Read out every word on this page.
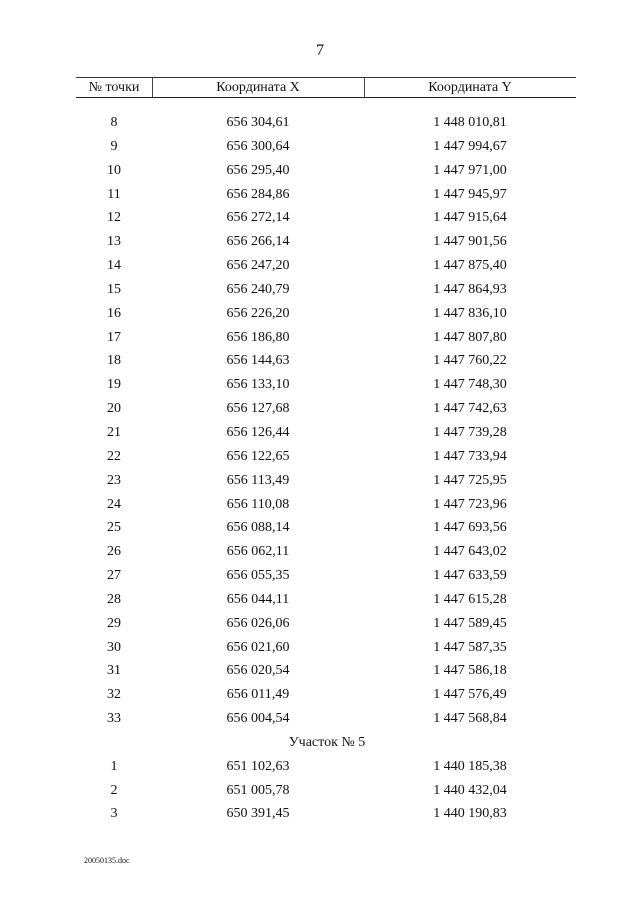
7
№ точки	Координата X	Координата Y
8	656 304,61	1 448 010,81
9	656 300,64	1 447 994,67
10	656 295,40	1 447 971,00
11	656 284,86	1 447 945,97
12	656 272,14	1 447 915,64
13	656 266,14	1 447 901,56
14	656 247,20	1 447 875,40
15	656 240,79	1 447 864,93
16	656 226,20	1 447 836,10
17	656 186,80	1 447 807,80
18	656 144,63	1 447 760,22
19	656 133,10	1 447 748,30
20	656 127,68	1 447 742,63
21	656 126,44	1 447 739,28
22	656 122,65	1 447 733,94
23	656 113,49	1 447 725,95
24	656 110,08	1 447 723,96
25	656 088,14	1 447 693,56
26	656 062,11	1 447 643,02
27	656 055,35	1 447 633,59
28	656 044,11	1 447 615,28
29	656 026,06	1 447 589,45
30	656 021,60	1 447 587,35
31	656 020,54	1 447 586,18
32	656 011,49	1 447 576,49
33	656 004,54	1 447 568,84
Участок № 5
1	651 102,63	1 440 185,38
2	651 005,78	1 440 432,04
3	650 391,45	1 440 190,83
20050135.doc
